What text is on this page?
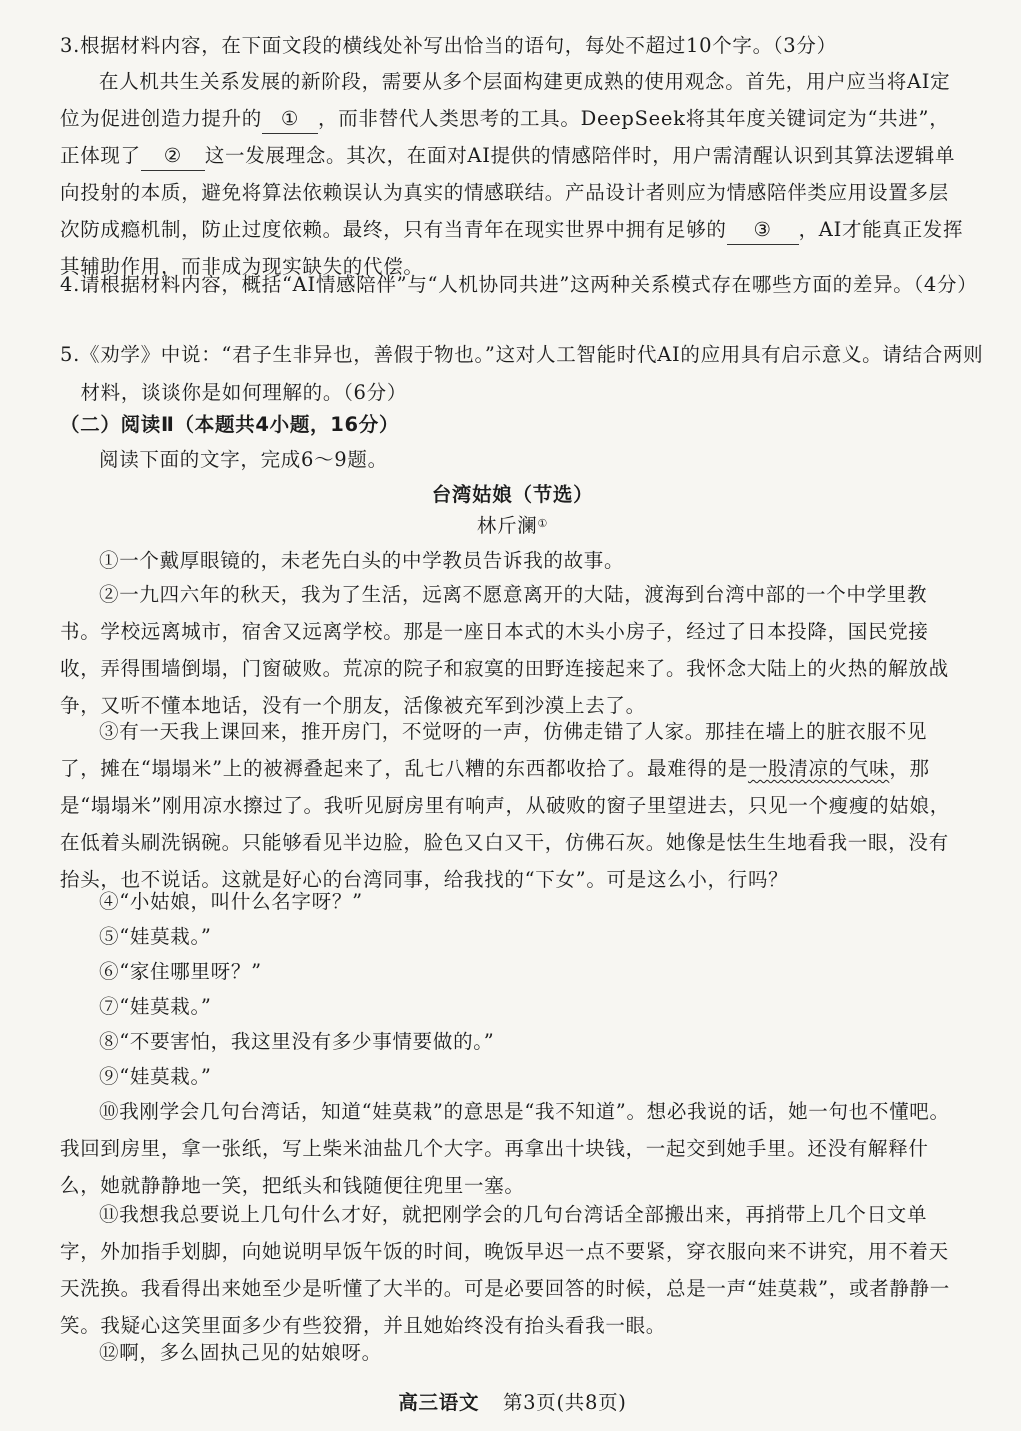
3.根据材料内容，在下面文段的横线处补写出恰当的语句，每处不超过10个字。（3分）

在人机共生关系发展的新阶段，需要从多个层面构建更成熟的使用观念。首先，用户应当将AI定位为促进创造力提升的 ① ，而非替代人类思考的工具。DeepSeek将其年度关键词定为“共进”，正体现了 ② 这一发展理念。其次，在面对AI提供的情感陪伴时，用户需清醒认识到其算法逻辑单向投射的本质，避免将算法依赖误认为真实的情感联结。产品设计者则应为情感陪伴类应用设置多层次防成瘾机制，防止过度依赖。最终，只有当青年在现实世界中拥有足够的 ③ ，AI才能真正发挥其辅助作用，而非成为现实缺失的代偿。

4.请根据材料内容，概括“AI情感陪伴”与“人机协同共进”这两种关系模式存在哪些方面的差异。（4分）

5.《劝学》中说：“君子生非异也，善假于物也。”这对人工智能时代AI的应用具有启示意义。请结合两则材料，谈谈你是如何理解的。（6分）

（二）阅读Ⅱ（本题共4小题，16分）

阅读下面的文字，完成6～9题。

台湾姑娘（节选）

林斤澜①

①一个戴厚眼镜的，未老先白头的中学教员告诉我的故事。

②一九四六年的秋天，我为了生活，远离不愿意离开的大陆，渡海到台湾中部的一个中学里教书。学校远离城市，宿舍又远离学校。那是一座日本式的木头小房子，经过了日本投降，国民党接收，弄得围墙倒塌，门窗破败。荒凉的院子和寂寞的田野连接起来了。我怀念大陆上的火热的解放战争，又听不懂本地话，没有一个朋友，活像被充军到沙漠上去了。

③有一天我上课回来，推开房门，不觉呀的一声，仿佛走错了人家。那挂在墙上的脏衣服不见了，摊在“塌塌米”上的被褥叠起来了，乱七八糟的东西都收拾了。最难得的是一股清凉的气味，那是“塌塌米”刚用凉水擦过了。我听见厨房里有响声，从破败的窗子里望进去，只见一个瘦瘦的姑娘，在低着头刷洗锅碗。只能够看见半边脸，脸色又白又干，仿佛石灰。她像是怯生生地看我一眼，没有抬头，也不说话。这就是好心的台湾同事，给我找的“下女”。可是这么小，行吗？

④“小姑娘，叫什么名字呀？”

⑤“娃莫栽。”

⑥“家住哪里呀？”

⑦“娃莫栽。”

⑧“不要害怕，我这里没有多少事情要做的。”

⑨“娃莫栽。”

⑩我刚学会几句台湾话，知道“娃莫栽”的意思是“我不知道”。想必我说的话，她一句也不懂吧。我回到房里，拿一张纸，写上柴米油盐几个大字。再拿出十块钱，一起交到她手里。还没有解释什么，她就静静地一笑，把纸头和钱随便往兜里一塞。

⑪我想我总要说上几句什么才好，就把刚学会的几句台湾话全部搬出来，再捎带上几个日文单字，外加指手划脚，向她说明早饭午饭的时间，晚饭早迟一点不要紧，穿衣服向来不讲究，用不着天天洗换。我看得出来她至少是听懂了大半的。可是必要回答的时候，总是一声“娃莫栽”，或者静静一笑。我疑心这笑里面多少有些狡猾，并且她始终没有抬头看我一眼。

⑫啊，多么固执己见的姑娘呀。

高三语文 第3页(共8页)
